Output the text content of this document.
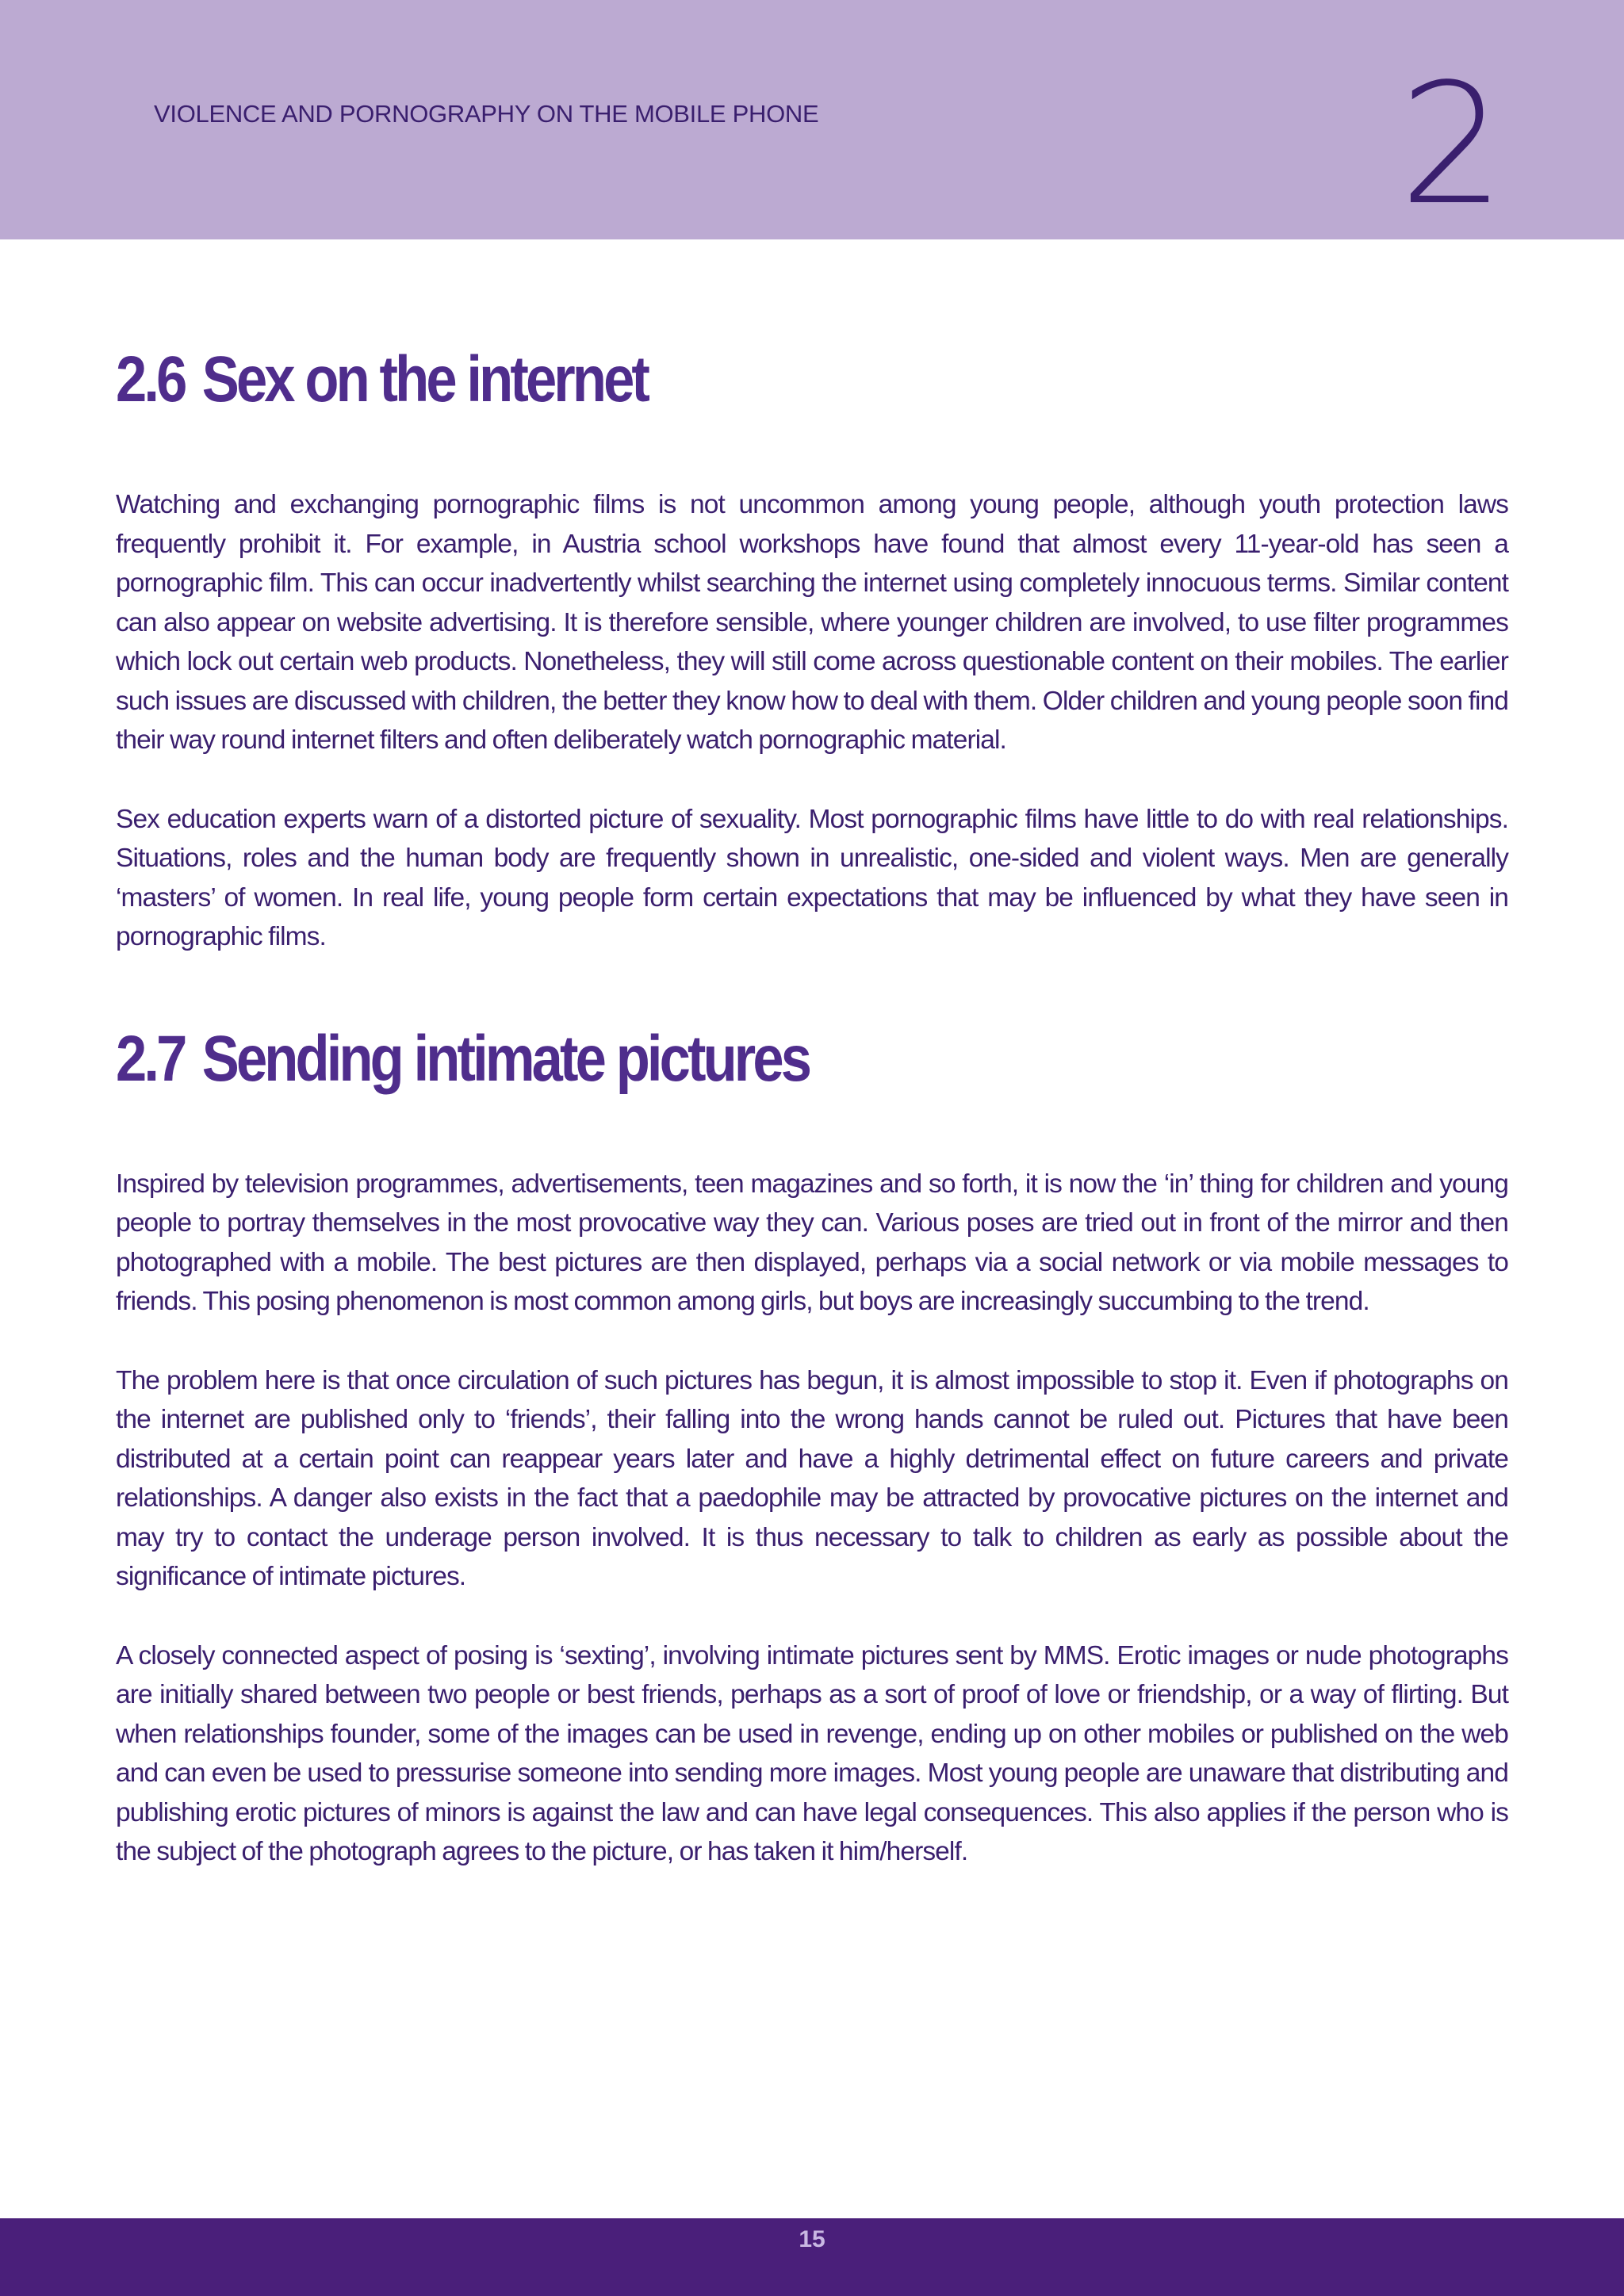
VIOLENCE AND PORNOGRAPHY ON THE MOBILE PHONE	2
2.6 Sex on the internet

Watching and exchanging pornographic films is not uncommon among young people, although youth protection laws frequently prohibit it. For example, in Austria school workshops have found that almost every 11-year-old has seen a pornographic film. This can occur inadvertently whilst searching the internet using completely innocuous terms. Similar content can also appear on website advertising. It is therefore sensible, where younger children are involved, to use filter programmes which lock out certain web products. Nonetheless, they will still come across questionable content on their mobiles. The earlier such issues are discussed with children, the better they know how to deal with them. Older children and young people soon find their way round internet filters and often deliberately watch pornographic material.

Sex education experts warn of a distorted picture of sexuality. Most pornographic films have little to do with real relationships. Situations, roles and the human body are frequently shown in unrealistic, one-sided and violent ways. Men are generally ‘masters’ of women. In real life, young people form certain expectations that may be influenced by what they have seen in pornographic films.

2.7 Sending intimate pictures

Inspired by television programmes, advertisements, teen magazines and so forth, it is now the ‘in’ thing for children and young people to portray themselves in the most provocative way they can. Various poses are tried out in front of the mirror and then photographed with a mobile. The best pictures are then displayed, perhaps via a social network or via mobile messages to friends. This posing phenomenon is most common among girls, but boys are increasingly succumbing to the trend.

The problem here is that once circulation of such pictures has begun, it is almost impossible to stop it. Even if photographs on the internet are published only to ‘friends’, their falling into the wrong hands cannot be ruled out. Pictures that have been distributed at a certain point can reappear years later and have a highly detrimental effect on future careers and private relationships. A danger also exists in the fact that a paedophile may be attracted by provocative pictures on the internet and may try to contact the underage person involved. It is thus necessary to talk to children as early as possible about the significance of intimate pictures.

A closely connected aspect of posing is ‘sexting’, involving intimate pictures sent by MMS. Erotic images or nude photographs are initially shared between two people or best friends, perhaps as a sort of proof of love or friendship, or a way of flirting. But when relationships founder, some of the images can be used in revenge, ending up on other mobiles or published on the web and can even be used to pressurise someone into sending more images. Most young people are unaware that distributing and publishing erotic pictures of minors is against the law and can have legal consequences. This also applies if the person who is the subject of the photograph agrees to the picture, or has taken it him/herself.

15
